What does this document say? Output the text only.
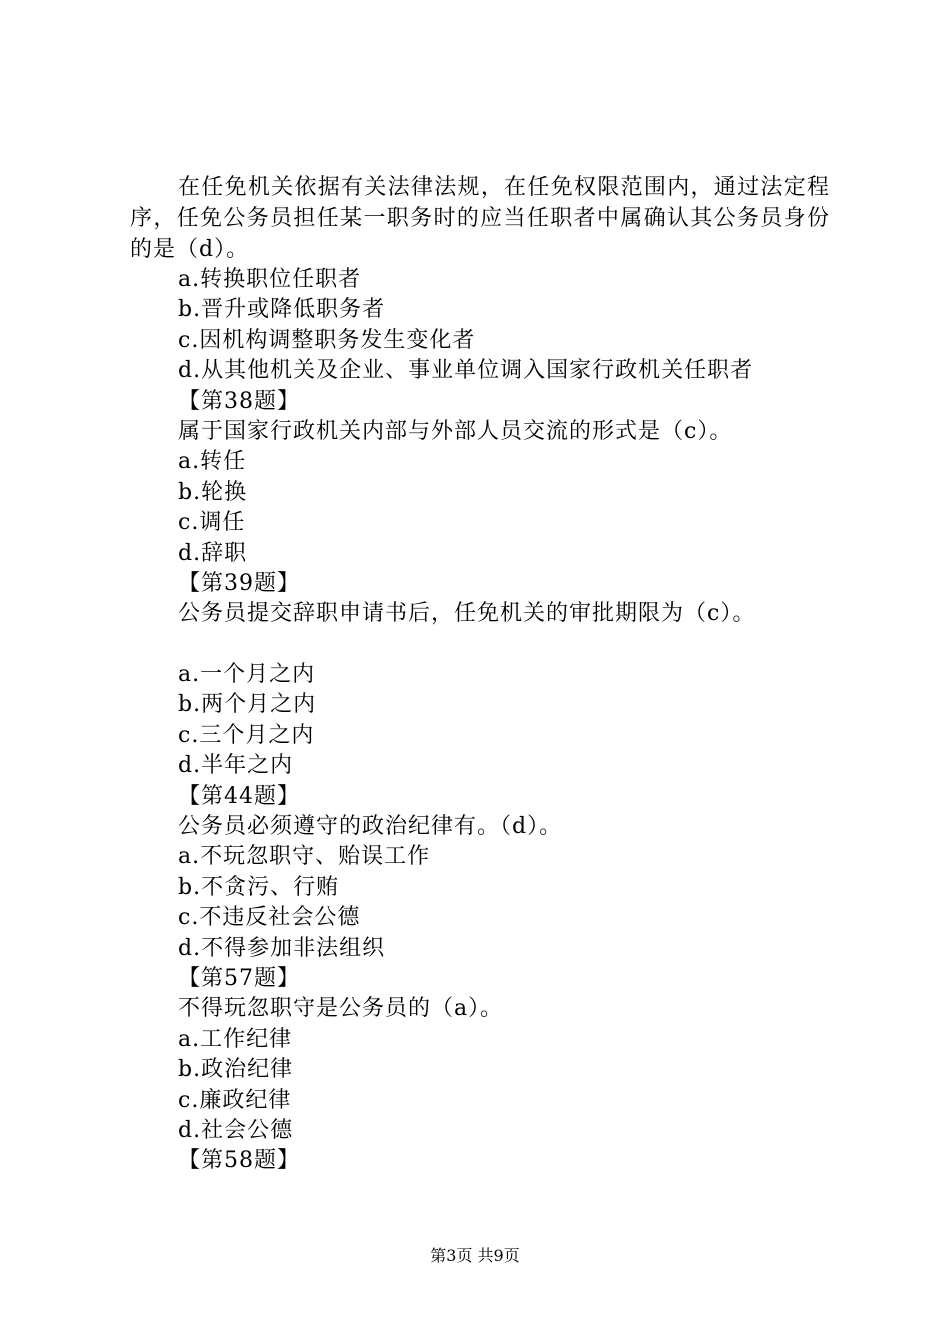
在任免机关依据有关法律法规，在任免权限范围内，通过法定程序，任免公务员担任某一职务时的应当任职者中属确认其公务员身份的是（d）。

a.转换职位任职者

b.晋升或降低职务者

c.因机构调整职务发生变化者

d.从其他机关及企业、事业单位调入国家行政机关任职者

【第38题】

属于国家行政机关内部与外部人员交流的形式是（c）。

a.转任

b.轮换

c.调任

d.辞职

【第39题】

公务员提交辞职申请书后，任免机关的审批期限为（c）。

a.一个月之内

b.两个月之内

c.三个月之内

d.半年之内

【第44题】

公务员必须遵守的政治纪律有。（d）。

a.不玩忽职守、贻误工作

b.不贪污、行贿

c.不违反社会公德

d.不得参加非法组织

【第57题】

不得玩忽职守是公务员的（a）。

a.工作纪律

b.政治纪律

c.廉政纪律

d.社会公德

【第58题】

第3页 共9页
